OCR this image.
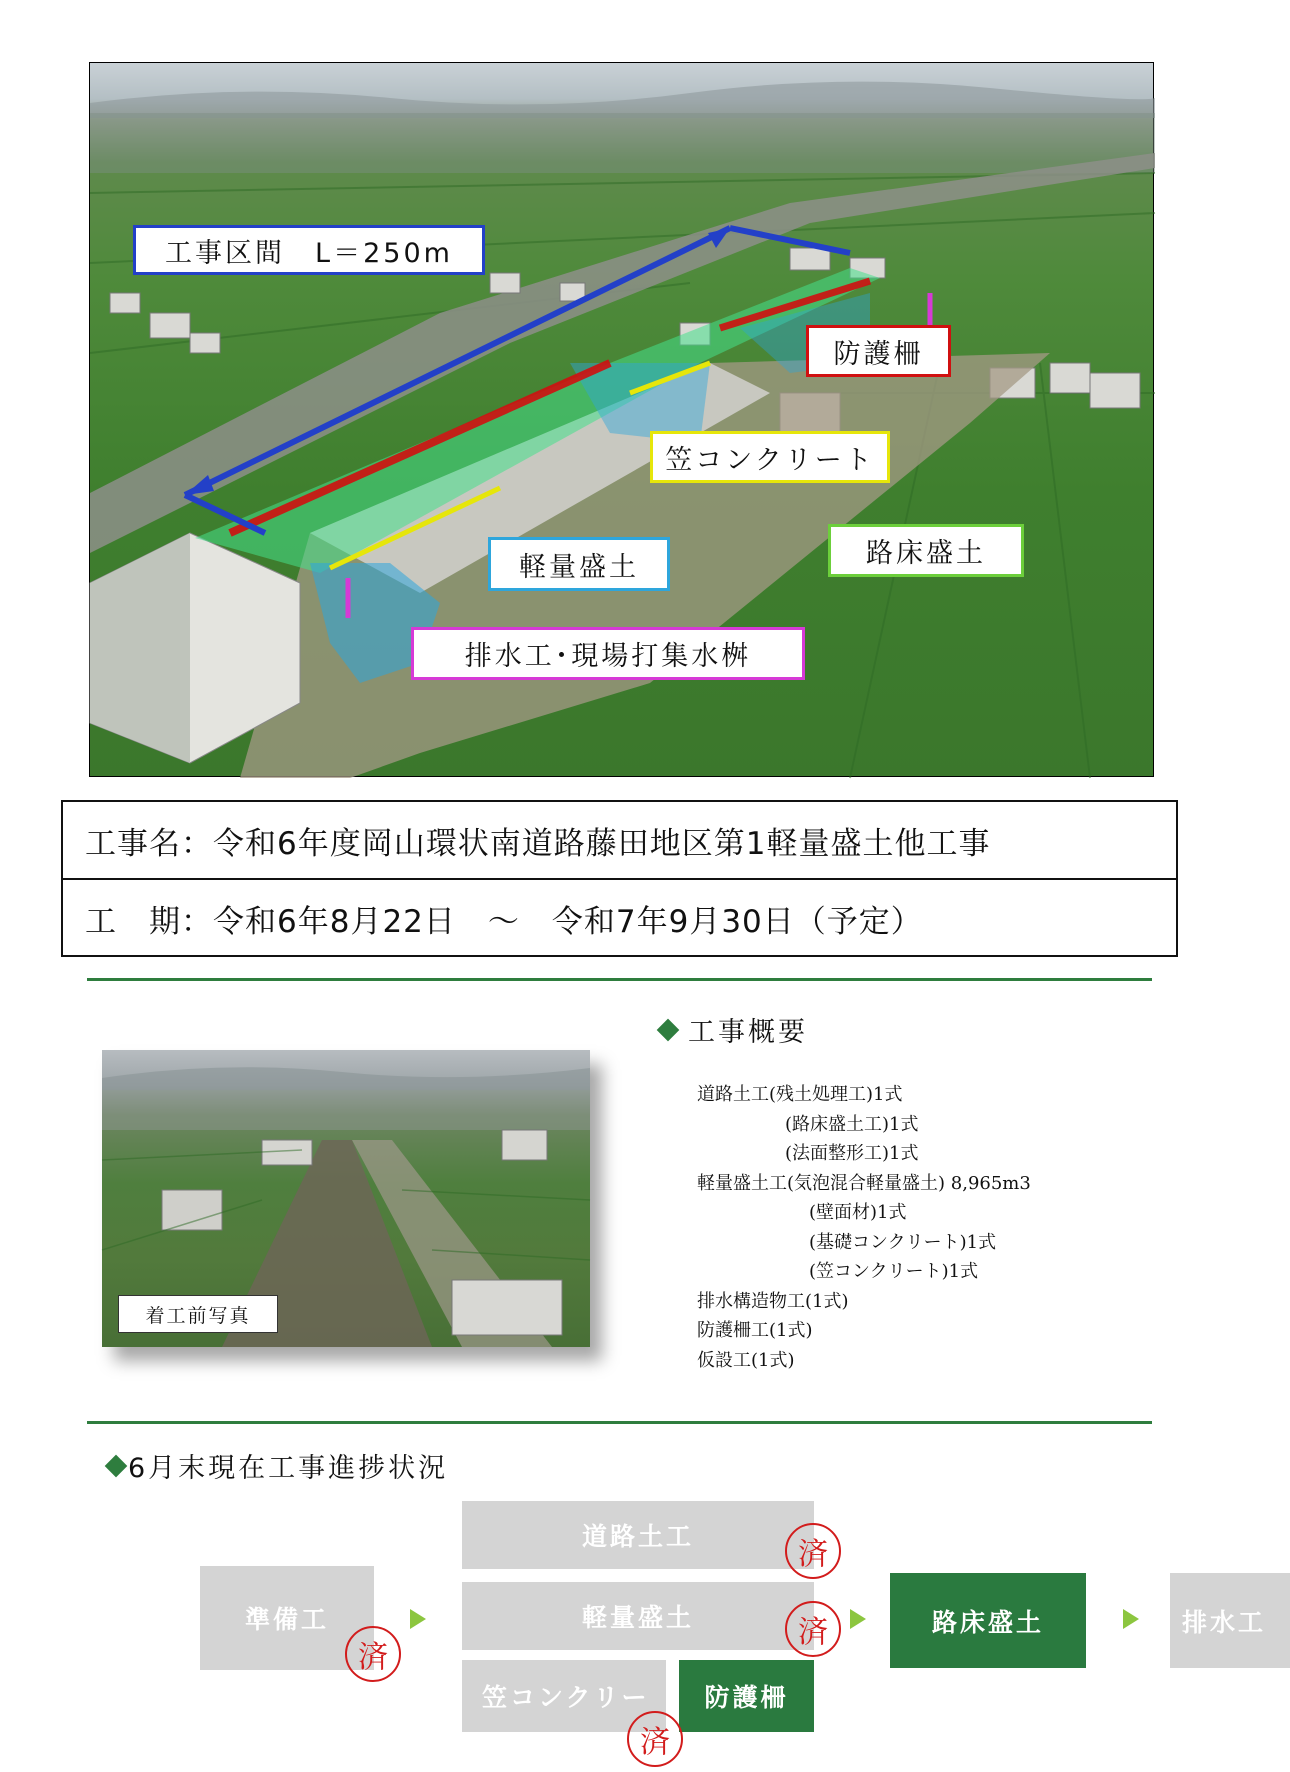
工事区間　L＝250m
防護柵
笠コンクリート
路床盛土
軽量盛土
排水工･現場打集水桝
工事名：令和6年度岡山環状南道路藤田地区第1軽量盛土他工事
工　期：令和6年8月22日　～　令和7年9月30日（予定）
着工前写真
工事概要
道路土工(残土処理工)1式
(路床盛土工)1式
(法面整形工)1式
軽量盛土工(気泡混合軽量盛土) 8,965m3
(壁面材)1式
(基礎コンクリート)1式
(笠コンクリート)1式
排水構造物工(1式)
防護柵工(1式)
仮設工(1式)
6月末現在工事進捗状況
準備工
道路土工
軽量盛土
笠コンクリー	防護柵
路床盛土	排水工
済
済
済
済
